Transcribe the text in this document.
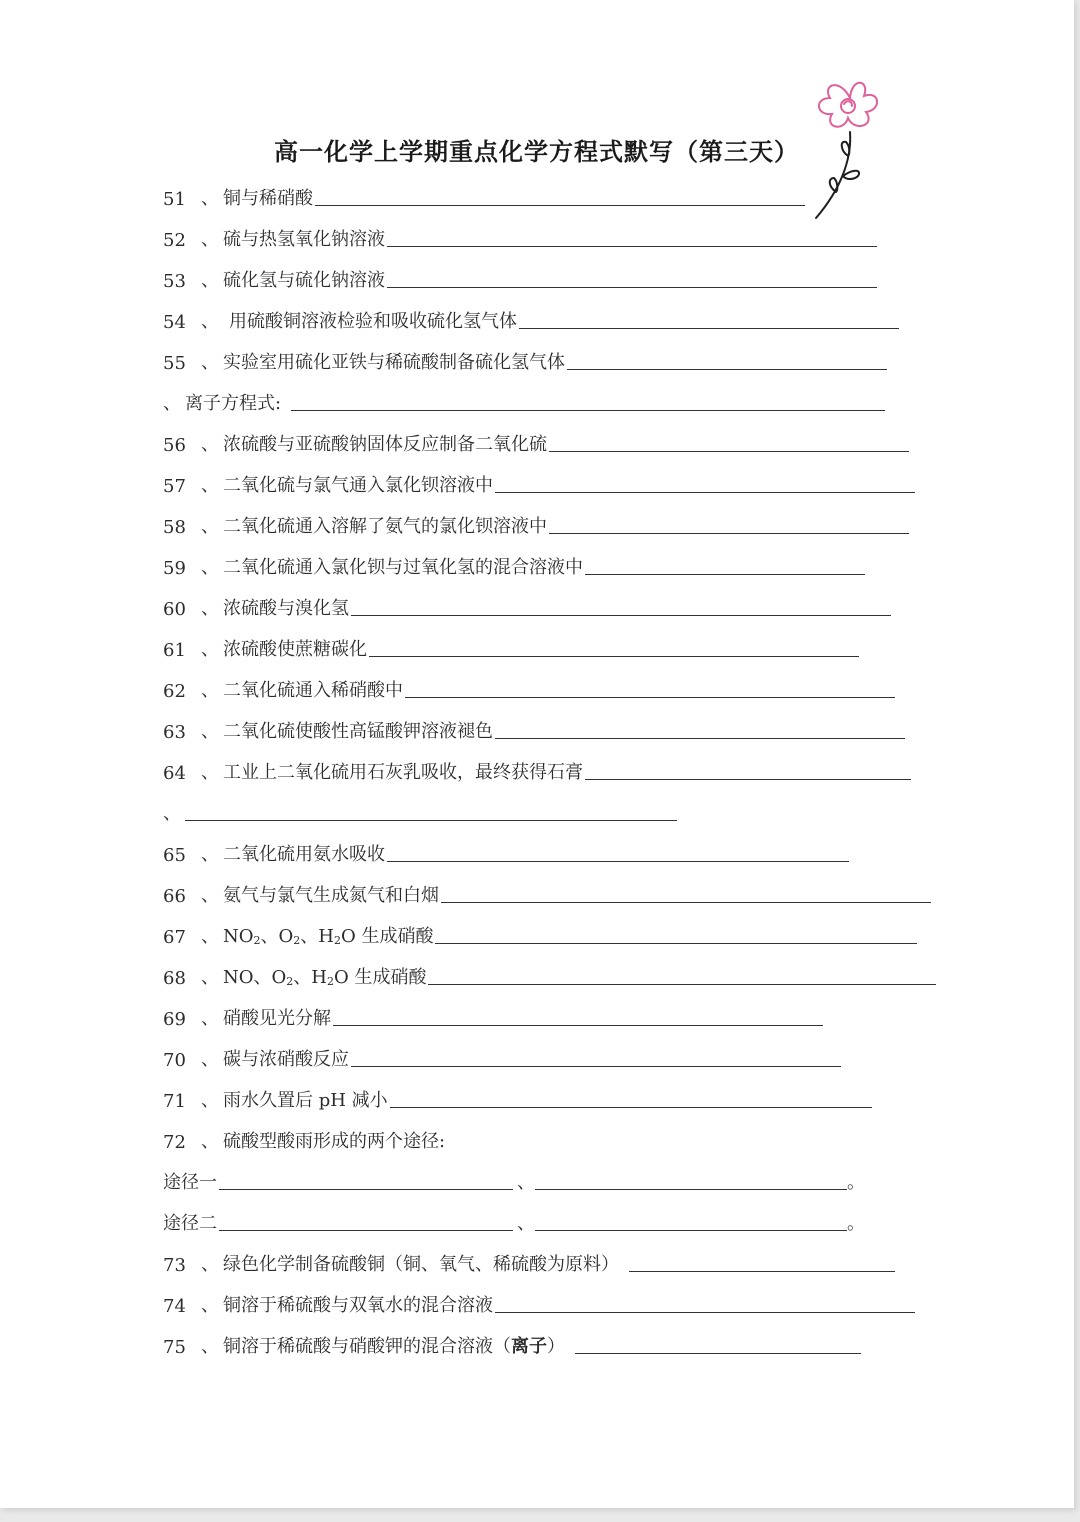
高一化学上学期重点化学方程式默写（第三天）
51 、 铜与稀硝酸
52 、 硫与热氢氧化钠溶液
53 、 硫化氢与硫化钠溶液
54 、 用硫酸铜溶液检验和吸收硫化氢气体
55 、 实验室用硫化亚铁与稀硫酸制备硫化氢气体
、 离子方程式:
56 、 浓硫酸与亚硫酸钠固体反应制备二氧化硫
57 、 二氧化硫与氯气通入氯化钡溶液中
58 、 二氧化硫通入溶解了氨气的氯化钡溶液中
59 、 二氧化硫通入氯化钡与过氧化氢的混合溶液中
60 、 浓硫酸与溴化氢
61 、 浓硫酸使蔗糖碳化
62 、 二氧化硫通入稀硝酸中
63 、 二氧化硫使酸性高锰酸钾溶液褪色
64 、 工业上二氧化硫用石灰乳吸收，最终获得石膏
、
65 、 二氧化硫用氨水吸收
66 、 氨气与氯气生成氮气和白烟
67 、 $NO_2$、$O_2$、$H_2O$ 生成硝酸
68 、 NO、$O_2$、$H_2O$ 生成硝酸
69 、 硝酸见光分解
70 、 碳与浓硝酸反应
71 、 雨水久置后 pH 减小
72 、 硫酸型酸雨形成的两个途径:
途径一	、	。
途径二	、	。
73 、 绿色化学制备硫酸铜（铜、氧气、稀硫酸为原料）
74 、 铜溶于稀硫酸与双氧水的混合溶液
75 、 铜溶于稀硫酸与硝酸钾的混合溶液（离子）
